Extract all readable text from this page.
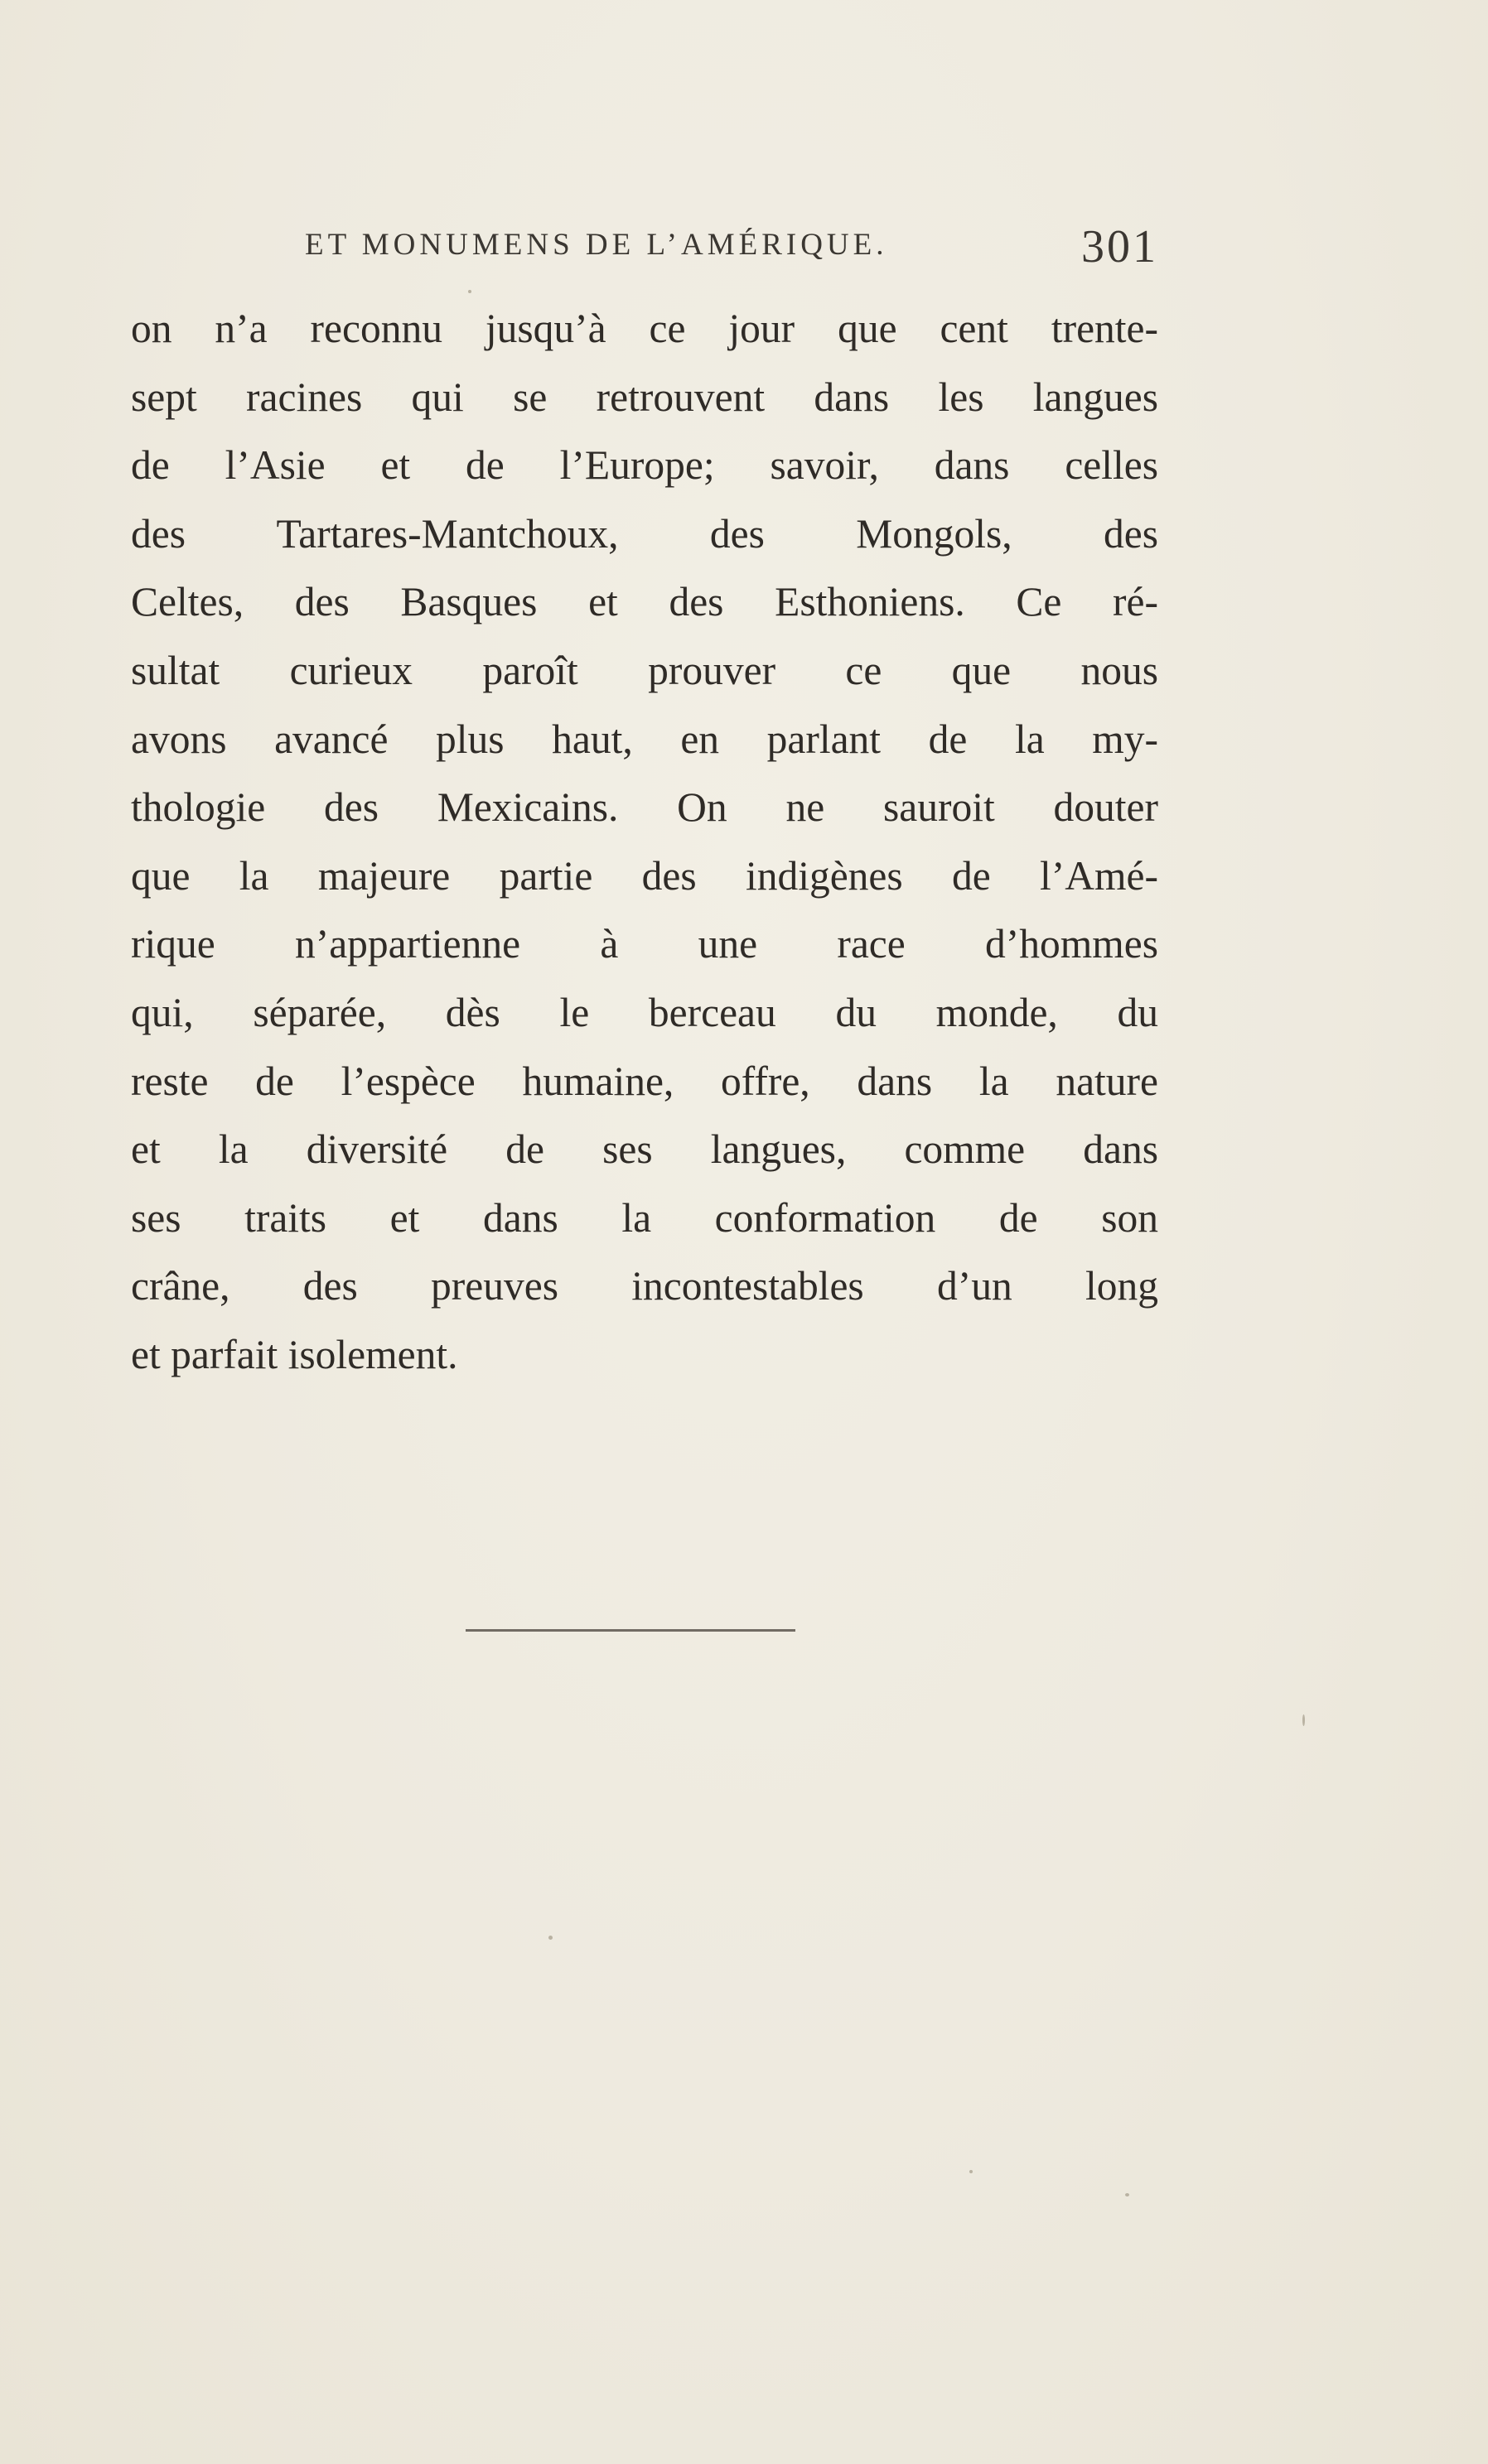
ET MONUMENS DE L’AMÉRIQUE.	301
on n’a reconnu jusqu’à ce jour que cent trente-
sept racines qui se retrouvent dans les langues
de l’Asie et de l’Europe; savoir, dans celles
des Tartares-Mantchoux, des Mongols, des
Celtes, des Basques et des Esthoniens. Ce ré-
sultat curieux paroît prouver ce que nous
avons avancé plus haut, en parlant de la my-
thologie des Mexicains. On ne sauroit douter
que la majeure partie des indigènes de l’Amé-
rique n’appartienne à une race d’hommes
qui, séparée, dès le berceau du monde, du
reste de l’espèce humaine, offre, dans la nature
et la diversité de ses langues, comme dans
ses traits et dans la conformation de son
crâne, des preuves incontestables d’un long
et parfait isolement.
